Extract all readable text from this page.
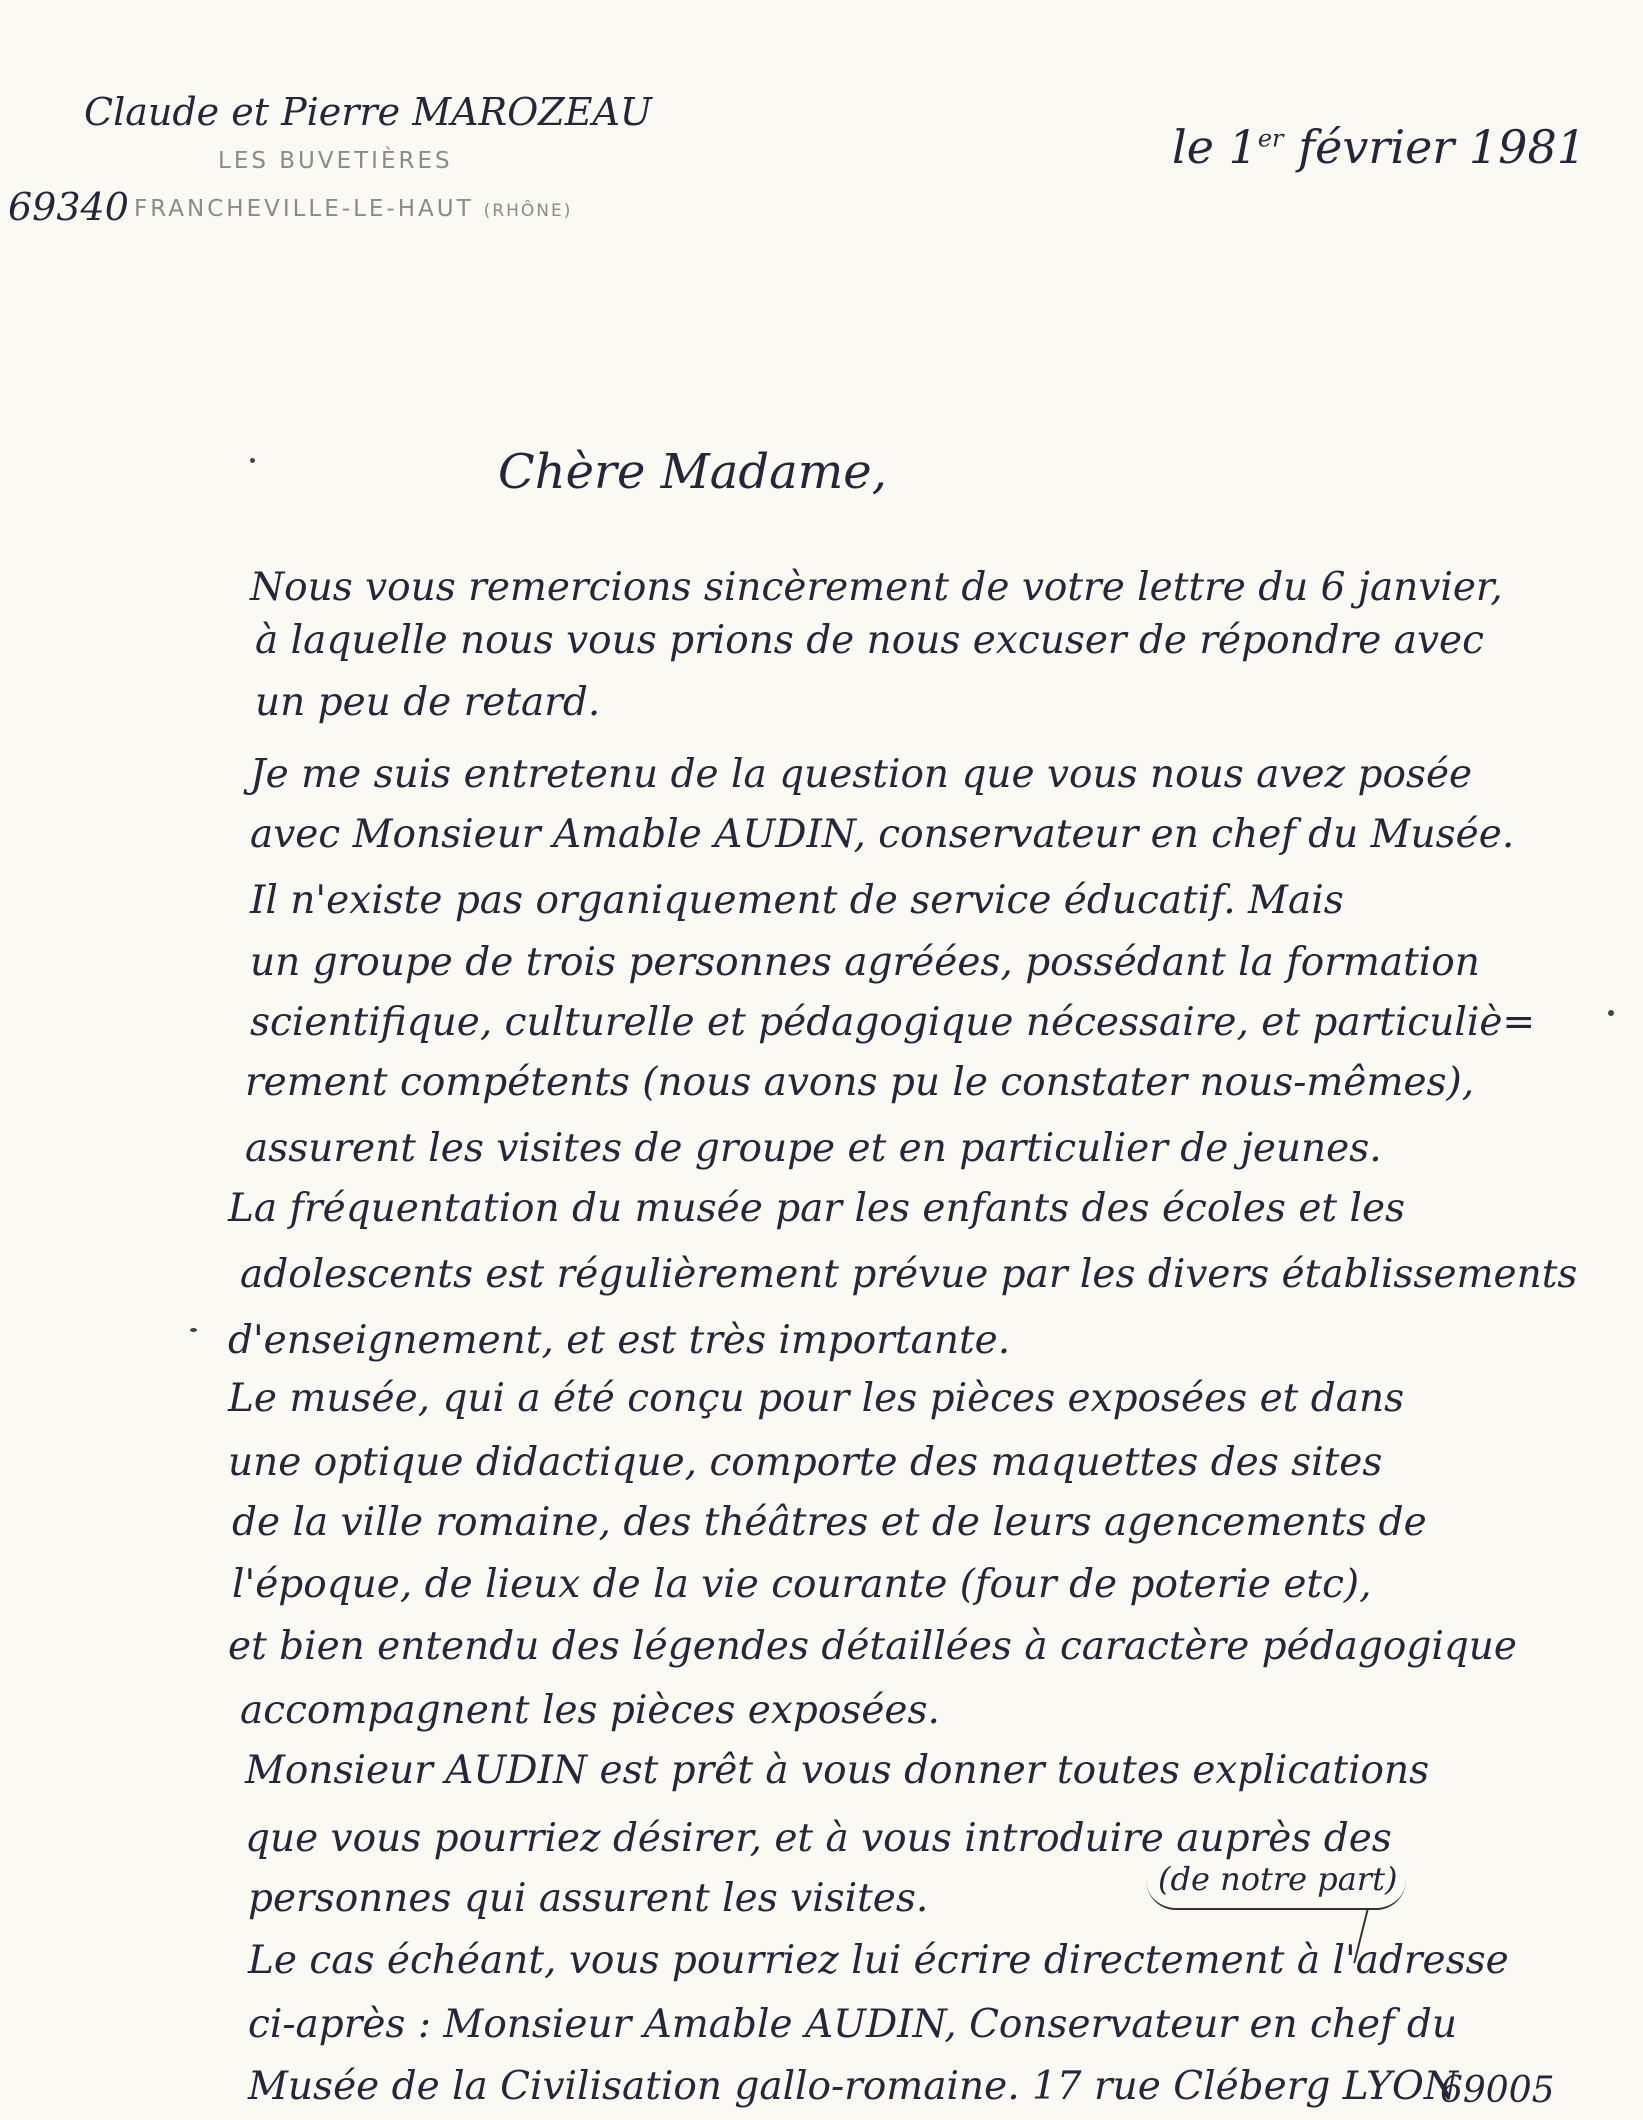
Claude et Pierre MAROZEAU
LES BUVETIÈRES
69340 FRANCHEVILLE-LE-HAUT (RHÔNE)
le 1er février 1981
Chère Madame,
Nous vous remercions sincèrement de votre lettre du 6 janvier,
à laquelle nous vous prions de nous excuser de répondre avec
un peu de retard.
Je me suis entretenu de la question que vous nous avez posée
avec Monsieur Amable AUDIN, conservateur en chef du Musée.
Il n'existe pas organiquement de service éducatif. Mais
un groupe de trois personnes agréées, possédant la formation
scientifique, culturelle et pédagogique nécessaire, et particuliè=
rement compétents (nous avons pu le constater nous-mêmes),
assurent les visites de groupe et en particulier de jeunes.
La fréquentation du musée par les enfants des écoles et les
adolescents est régulièrement prévue par les divers établissements
d'enseignement, et est très importante.
Le musée, qui a été conçu pour les pièces exposées et dans
une optique didactique, comporte des maquettes des sites
de la ville romaine, des théâtres et de leurs agencements de
l'époque, de lieux de la vie courante (four de poterie etc),
et bien entendu des légendes détaillées à caractère pédagogique
accompagnent les pièces exposées.
Monsieur AUDIN est prêt à vous donner toutes explications
que vous pourriez désirer, et à vous introduire auprès des
personnes qui assurent les visites.
Le cas échéant, vous pourriez lui écrire directement à l'adresse
ci-après : Monsieur Amable AUDIN, Conservateur en chef du
Musée de la Civilisation gallo-romaine. 17 rue Cléberg LYON
(de notre part)
69005
